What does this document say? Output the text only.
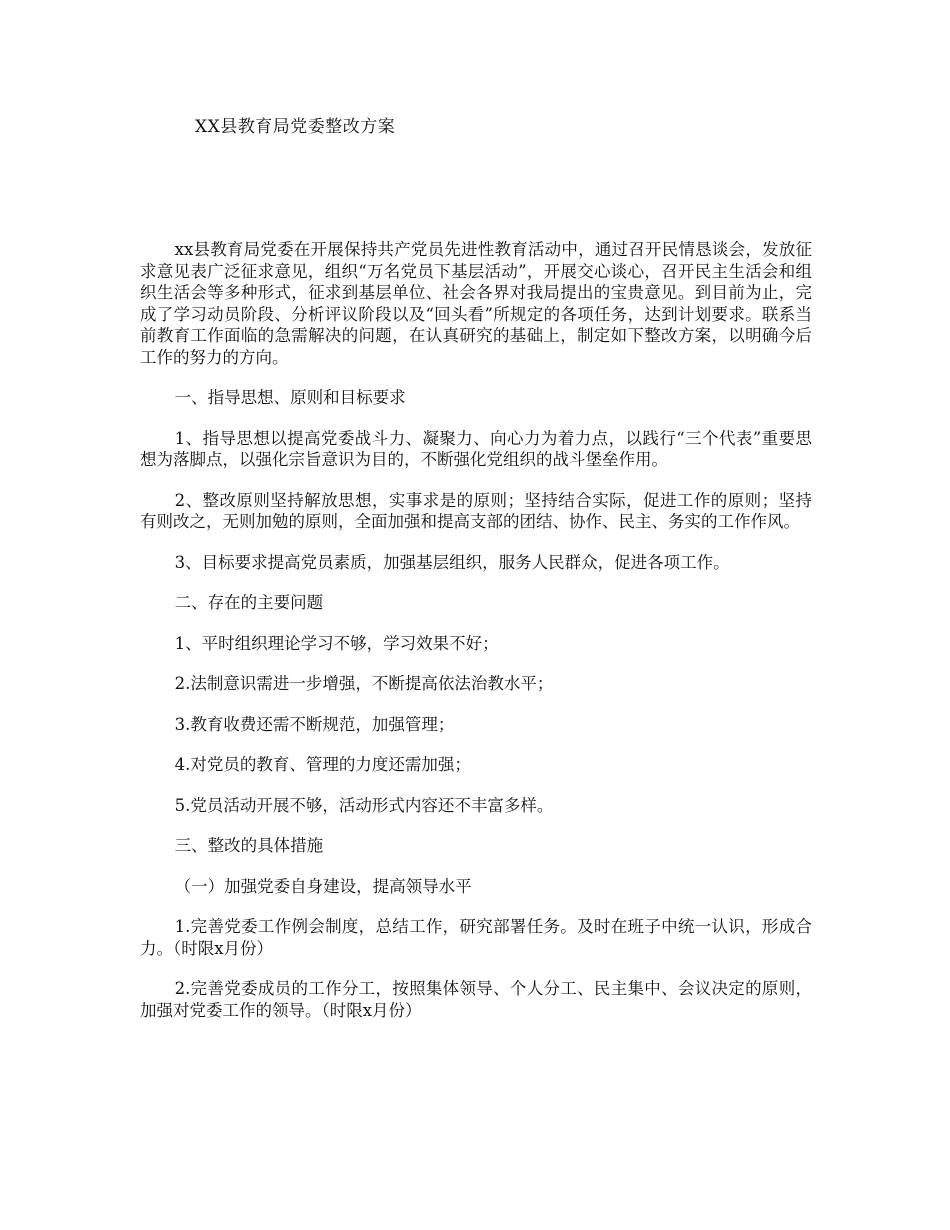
XX县教育局党委整改方案

xx县教育局党委在开展保持共产党员先进性教育活动中，通过召开民情恳谈会，发放征求意见表广泛征求意见，组织“万名党员下基层活动”，开展交心谈心，召开民主生活会和组织生活会等多种形式，征求到基层单位、社会各界对我局提出的宝贵意见。到目前为止，完成了学习动员阶段、分析评议阶段以及“回头看”所规定的各项任务，达到计划要求。联系当前教育工作面临的急需解决的问题，在认真研究的基础上，制定如下整改方案，以明确今后工作的努力的方向。

一、指导思想、原则和目标要求

1、指导思想以提高党委战斗力、凝聚力、向心力为着力点，以践行“三个代表”重要思想为落脚点，以强化宗旨意识为目的，不断强化党组织的战斗堡垒作用。

2、整改原则坚持解放思想，实事求是的原则；坚持结合实际，促进工作的原则；坚持有则改之，无则加勉的原则，全面加强和提高支部的团结、协作、民主、务实的工作作风。

3、目标要求提高党员素质，加强基层组织，服务人民群众，促进各项工作。

二、存在的主要问题

1、平时组织理论学习不够，学习效果不好；

2.法制意识需进一步增强，不断提高依法治教水平；

3.教育收费还需不断规范，加强管理；

4.对党员的教育、管理的力度还需加强；

5.党员活动开展不够，活动形式内容还不丰富多样。

三、整改的具体措施

（一）加强党委自身建设，提高领导水平

1.完善党委工作例会制度，总结工作，研究部署任务。及时在班子中统一认识，形成合力。（时限x月份）

2.完善党委成员的工作分工，按照集体领导、个人分工、民主集中、会议决定的原则，加强对党委工作的领导。（时限x月份）
